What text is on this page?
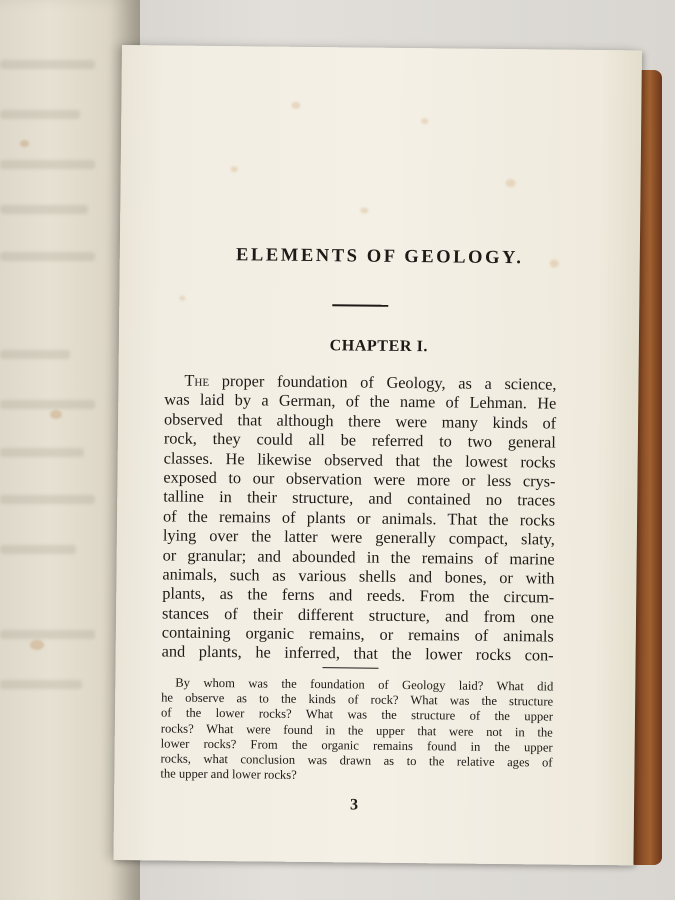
ELEMENTS OF GEOLOGY.
CHAPTER I.
The proper foundation of Geology, as a science,
was laid by a German, of the name of Lehman. He
observed that although there were many kinds of
rock, they could all be referred to two general
classes. He likewise observed that the lowest rocks
exposed to our observation were more or less crys-
talline in their structure, and contained no traces
of the remains of plants or animals. That the rocks
lying over the latter were generally compact, slaty,
or granular; and abounded in the remains of marine
animals, such as various shells and bones, or with
plants, as the ferns and reeds. From the circum-
stances of their different structure, and from one
containing organic remains, or remains of animals
and plants, he inferred, that the lower rocks con-
By whom was the foundation of Geology laid? What did
he observe as to the kinds of rock? What was the structure
of the lower rocks? What was the structure of the upper
rocks? What were found in the upper that were not in the
lower rocks? From the organic remains found in the upper
rocks, what conclusion was drawn as to the relative ages of
the upper and lower rocks?
3
